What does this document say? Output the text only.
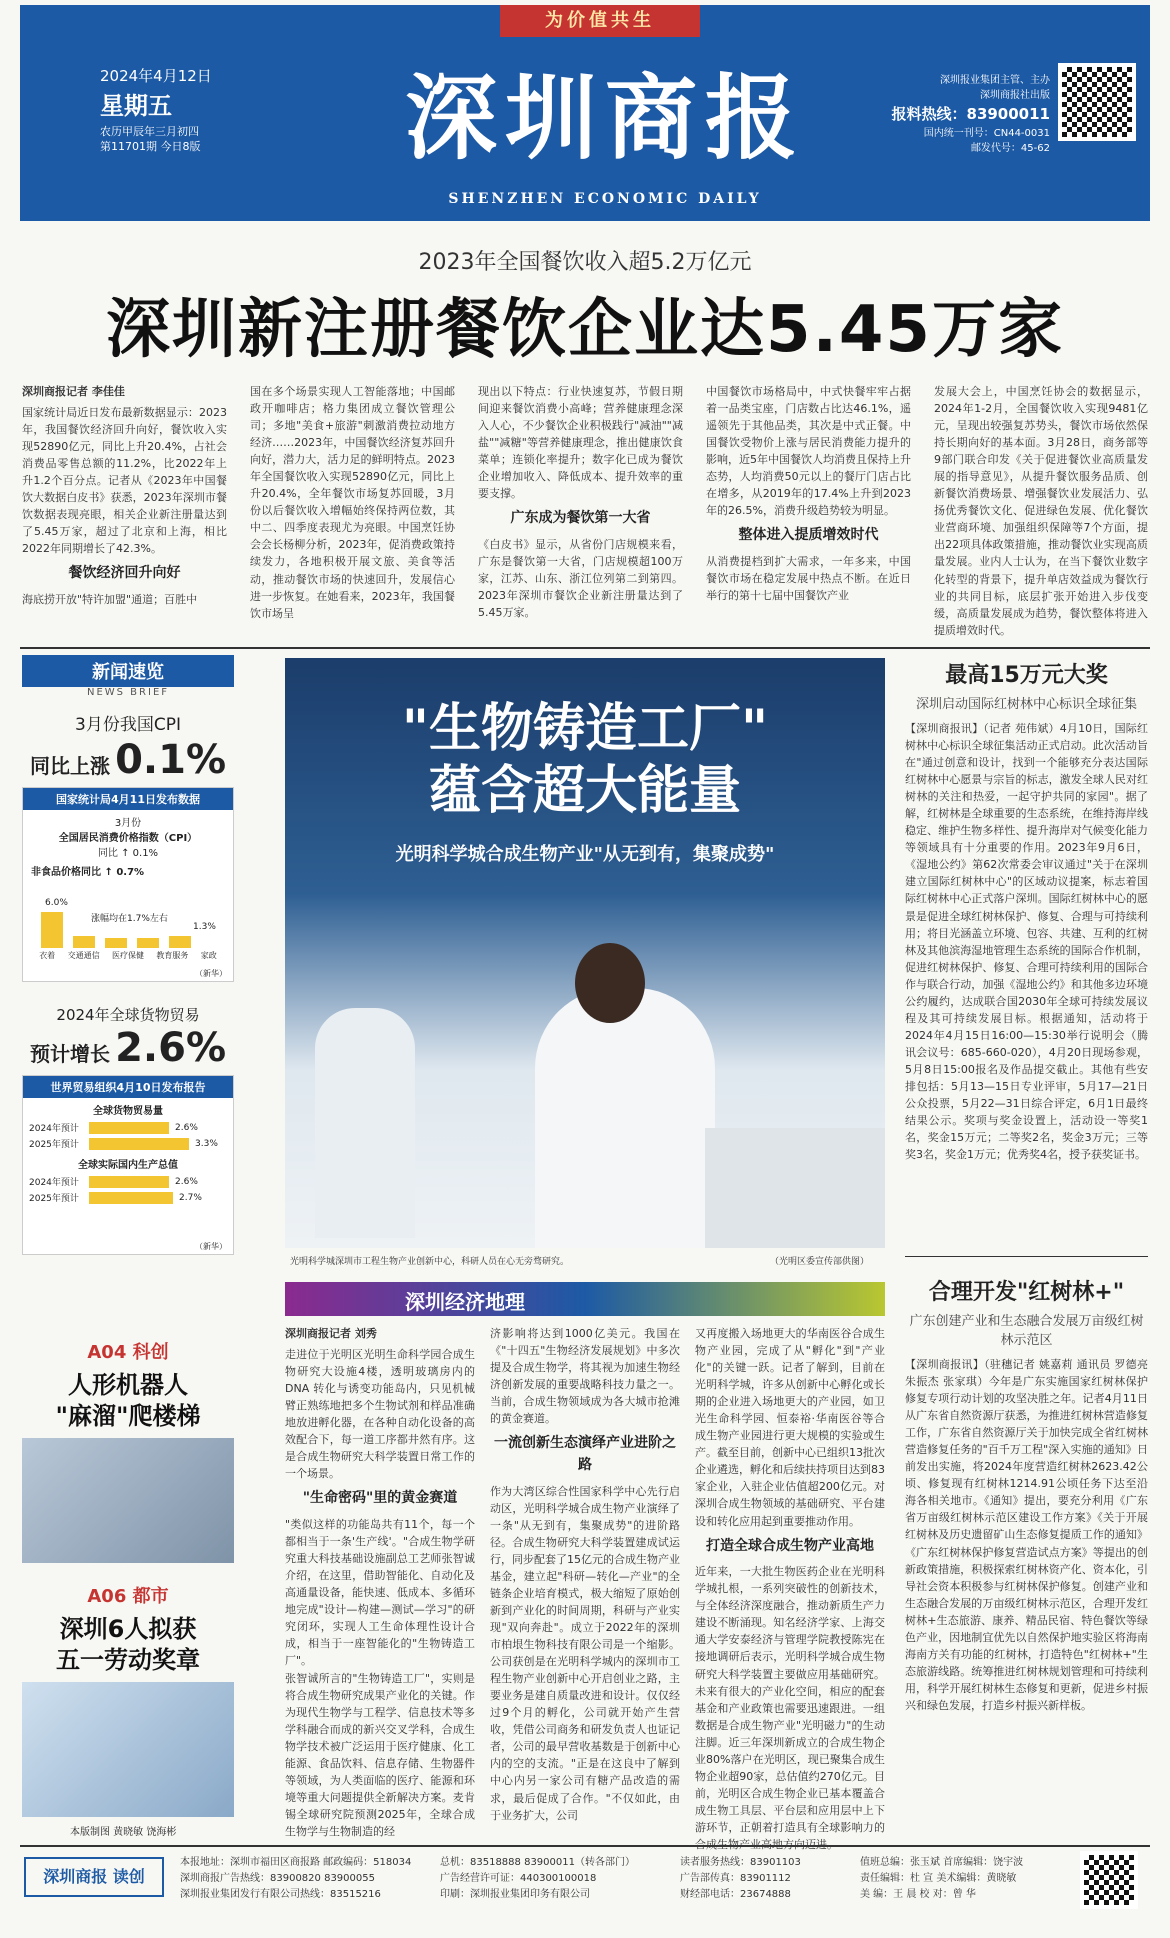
为价值共生
2024年4月12日
星期五
农历甲辰年三月初四
第11701期 今日8版	深圳商报
SHENZHEN ECONOMIC DAILY
深圳报业集团主管、主办
深圳商报社出版
报料热线：83900011
国内统一刊号：CN44-0031
邮发代号：45-62
2023年全国餐饮收入超5.2万亿元
深圳新注册餐饮企业达5.45万家
深圳商报记者 李佳佳
国家统计局近日发布最新数据显示：2023年，我国餐饮经济回升向好，餐饮收入实现52890亿元，同比上升20.4%，占社会消费品零售总额的11.2%，比2022年上升1.2个百分点。记者从《2023年中国餐饮大数据白皮书》获悉，2023年深圳市餐饮数据表现亮眼，相关企业新注册量达到了5.45万家，超过了北京和上海，相比2022年同期增长了42.3%。
餐饮经济回升向好
海底捞开放"特许加盟"通道；百胜中
国在多个场景实现人工智能落地；中国邮政开咖啡店；格力集团成立餐饮管理公司；多地"美食+旅游"刺激消费拉动地方经济……2023年，中国餐饮经济复苏回升向好，潜力大，活力足的鲜明特点。2023年全国餐饮收入实现52890亿元，同比上升20.4%，全年餐饮市场复苏回暖，3月份以后餐饮收入增幅始终保持两位数，其中二、四季度表现尤为亮眼。中国烹饪协会会长杨柳分析，2023年，促消费政策持续发力，各地积极开展文旅、美食等活动，推动餐饮市场的快速回升，发展信心进一步恢复。在她看来，2023年，我国餐饮市场呈
现出以下特点：行业快速复苏，节假日期间迎来餐饮消费小高峰；营养健康理念深入人心，不少餐饮企业积极践行"减油""减盐""减糖"等营养健康理念，推出健康饮食菜单；连锁化率提升；数字化已成为餐饮企业增加收入、降低成本、提升效率的重要支撑。
广东成为餐饮第一大省
《白皮书》显示，从省份门店规模来看，广东是餐饮第一大省，门店规模超100万家，江苏、山东、浙江位列第二到第四。2023年深圳市餐饮企业新注册量达到了5.45万家。
中国餐饮市场格局中，中式快餐牢牢占据着一品类宝座，门店数占比达46.1%，遥遥领先于其他品类，其次是中式正餐。中国餐饮受物价上涨与居民消费能力提升的影响，近5年中国餐饮人均消费且保持上升态势，人均消费50元以上的餐厅门店占比在增多，从2019年的17.4%上升到2023年的26.5%，消费升级趋势较为明显。
整体进入提质增效时代
从消费提档到扩大需求，一年多来，中国餐饮市场在稳定发展中热点不断。在近日举行的第十七届中国餐饮产业
发展大会上，中国烹饪协会的数据显示，2024年1-2月，全国餐饮收入实现9481亿元，呈现出较强复苏势头，餐饮市场依然保持长期向好的基本面。3月28日，商务部等9部门联合印发《关于促进餐饮业高质量发展的指导意见》，从提升餐饮服务品质、创新餐饮消费场景、增强餐饮业发展活力、弘扬优秀餐饮文化、促进绿色发展、优化餐饮业营商环境、加强组织保障等7个方面，提出22项具体政策措施，推动餐饮业实现高质量发展。业内人士认为，在当下餐饮业数字化转型的背景下，提升单店效益成为餐饮行业的共同目标，底层扩张开始进入步伐变缓，高质量发展成为趋势，餐饮整体将进入提质增效时代。
新闻速览
NEWS BRIEF
3月份我国CPI
同比上涨 0.1%
国家统计局4月11日发布数据
3月份
全国居民消费价格指数（CPI）
同比 ↑ 0.1%
非食品价格同比 ↑ 0.7%
6.0%
涨幅均在1.7%左右
1.3%
衣着 交通通信 医疗保健 教育服务 家政
（新华）
2024年全球货物贸易
预计增长 2.6%
世界贸易组织4月10日发布报告
全球货物贸易量
2024年预计	2.6%
2025年预计	3.3%
全球实际国内生产总值
2024年预计	2.6%
2025年预计	2.7%
（新华）
A04 科创
人形机器人
"麻溜"爬楼梯
A06 都市
深圳6人拟获
五一劳动奖章
本版制图 黄晓敏 饶海彬
"生物铸造工厂"
蕴含超大能量
光明科学城合成生物产业"从无到有，集聚成势"
光明科学城深圳市工程生物产业创新中心，科研人员在心无旁骛研究。	（光明区委宣传部供图）
深圳经济地理
深圳商报记者 刘秀
走进位于光明区光明生命科学园合成生物研究大设施4楼，透明玻璃房内的DNA 转化与诱变功能岛内，只见机械臂正熟练地把多个生物试剂和样品准确地放进孵化器，在各种自动化设备的高效配合下，每一道工序都井然有序。这是合成生物研究大科学装置日常工作的一个场景。
"生命密码"里的黄金赛道
"类似这样的功能岛共有11个，每一个都相当于一条'生产线'。"合成生物学研究重大科技基础设施副总工艺师张智诚介绍，在这里，借助智能化、自动化及高通量设备，能快速、低成本、多循环地完成"设计—构建—测试—学习"的研究闭环，实现人工生命体理性设计合成，相当于一座智能化的"生物铸造工厂"。
张智诚所言的"生物铸造工厂"，实则是将合成生物研究成果产业化的关键。作为现代生物学与工程学、信息技术等多学科融合而成的新兴交叉学科，合成生物学技术被广泛运用于医疗健康、化工能源、食品饮料、信息存储、生物器件等领域，为人类面临的医疗、能源和环境等重大问题提供全新解决方案。麦肯锡全球研究院预测2025年，全球合成生物学与生物制造的经
济影响将达到1000亿美元。我国在《"十四五"生物经济发展规划》中多次提及合成生物学，将其视为加速生物经济创新发展的重要战略科技力量之一。当前，合成生物领域成为各大城市抢滩的黄金赛道。
一流创新生态演绎产业进阶之路
作为大湾区综合性国家科学中心先行启动区，光明科学城合成生物产业演绎了一条"从无到有，集聚成势"的进阶路径。合成生物研究大科学装置建成试运行，同步配套了15亿元的合成生物产业基金，建立起"科研—转化—产业"的全链条企业培育模式，极大缩短了原始创新到产业化的时间周期，科研与产业实现"双向奔赴"。成立于2022年的深圳市柏垠生物科技有限公司是一个缩影。公司获创是在光明科学城内的深圳市工程生物产业创新中心开启创业之路，主要业务是建自质量改进和设计。仅仅经过9个月的孵化，公司就开始产生营收，凭借公司商务和研发负责人也证记者，公司的最早营收基数是于创新中心内的空的支流。"正是在这良中了解到中心内另一家公司有糖产品改造的需求，最后促成了合作。"不仅如此，由于业务扩大，公司
又再度搬入场地更大的华南医谷合成生物产业园，完成了从"孵化"到"产业化"的关键一跃。记者了解到，目前在光明科学城，许多从创新中心孵化或长期的企业进入场地更大的产业园，如卫光生命科学园、恒泰裕·华南医谷等合成生物产业园进行更大规模的实验或生产。截至目前，创新中心已组织13批次企业遴选，孵化和后续扶持项目达到83家企业，入驻企业估值超200亿元。对深圳合成生物领域的基础研究、平台建设和转化应用起到重要推动作用。
打造全球合成生物产业高地
近年来，一大批生物医药企业在光明科学城扎根，一系列突破性的创新技术，与全体经济深度融合，推动新质生产力建设不断涌现。知名经济学家、上海交通大学安泰经济与管理学院教授陈宪在接地调研后表示，光明科学城合成生物研究大科学装置主要做应用基础研究。未来有很大的产业化空间，相应的配套基金和产业政策也需要迅速跟进。一组数据是合成生物产业"光明磁力"的生动注脚。近三年深圳新成立的合成生物企业80%落户在光明区，现已聚集合成生物企业超90家，总估值约270亿元。目前，光明区合成生物企业已基本覆盖合成生物工具层、平台层和应用层中上下游环节，正朝着打造具有全球影响力的合成生物产业高地方向迈进。
最高15万元大奖
深圳启动国际红树林中心标识全球征集
【深圳商报讯】（记者 苑伟斌）4月10日，国际红树林中心标识全球征集活动正式启动。此次活动旨在"通过创意和设计，找到一个能够充分表达国际红树林中心愿景与宗旨的标志，激发全球人民对红树林的关注和热爱，一起守护共同的家园"。据了解，红树林是全球重要的生态系统，在维持海岸线稳定、维护生物多样性、提升海岸对气候变化能力等领域具有十分重要的作用。2023年9月6日，《湿地公约》第62次常委会审议通过"关于在深圳建立国际红树林中心"的区域动议提案，标志着国际红树林中心正式落户深圳。国际红树林中心的愿景是促进全球红树林保护、修复、合理与可持续利用；将目光涵盖立环境、包容、共建、互利的红树林及其他滨海湿地管理生态系统的国际合作机制，促进红树林保护、修复、合理可持续利用的国际合作与联合行动，加强《湿地公约》和其他多边环境公约履约，达成联合国2030年全球可持续发展议程及其可持续发展目标。根据通知，活动将于2024年4月15日16:00—15:30举行说明会（腾讯会议号：685-660-020），4月20日现场参观，5月8日15:00报名及作品提交截止。其他有些安排包括：5月13—15日专业评审，5月17—21日公众投票，5月22—31日综合评定，6月1日最终结果公示。奖项与奖金设置上，活动设一等奖1名，奖金15万元；二等奖2名，奖金3万元；三等奖3名，奖金1万元；优秀奖4名，授予获奖证书。
合理开发"红树林+"
广东创建产业和生态融合发展万亩级红树林示范区
【深圳商报讯】（驻穗记者 姚嘉莉 通讯员 罗德亮 朱振杰 张家琪）今年是广东实施国家红树林保护修复专项行动计划的攻坚决胜之年。记者4月11日从广东省自然资源厅获悉，为推进红树林营造修复工作，广东省自然资源厅关于加快完成全省红树林营造修复任务的"百千万工程"深入实施的通知》日前发出实施，将2024年度营造红树林2623.42公顷、修复现有红树林1214.91公顷任务下达至沿海各相关地市。《通知》提出，要充分利用《广东省万亩级红树林示范区建设工作方案》《关于开展红树林及历史遗留矿山生态修复提质工作的通知》《广东红树林保护修复营造试点方案》等提出的创新政策措施，积极探索红树林资产化、资本化，引导社会资本积极参与红树林保护修复。创建产业和生态融合发展的万亩级红树林示范区，合理开发红树林+生态旅游、康养、精品民宿、特色餐饮等绿色产业，因地制宜优先以自然保护地实验区将海南海南方关有功能的红树林，打造特色"红树林+"生态旅游线路。统筹推进红树林规划管理和可持续利用，科学开展红树林生态修复和更新，促进乡村振兴和绿色发展，打造乡村振兴新样板。
深圳商报 读创
本报地址：深圳市福田区商报路 邮政编码：518034
深圳商报广告热线：83900820 83900055
深圳报业集团发行有限公司热线：83515216
总机：83518888 83900011（转各部门）
广告经营许可证：440300100018
印刷：深圳报业集团印务有限公司
读者服务热线：83901103
广告部传真：83901112
财经部电话：23674888
值班总编：张玉斌 首席编辑：饶宇波
责任编辑：杜 宣 美术编辑：黄晓敏
美 编：王 晨 校 对：曾 华
